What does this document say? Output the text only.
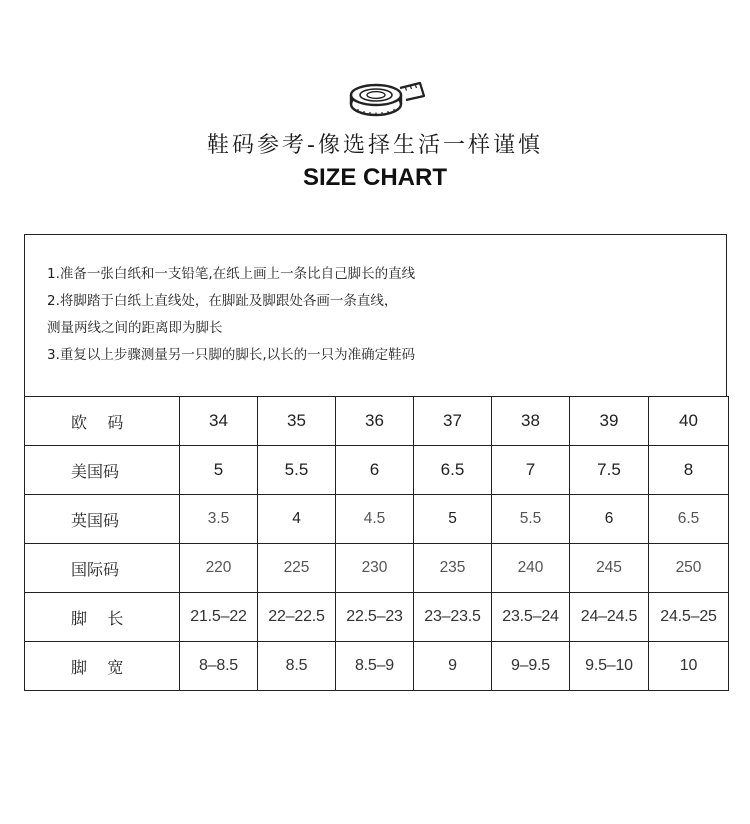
鞋码参考-像选择生活一样谨慎
SIZE CHART
1.准备一张白纸和一支铅笔,在纸上画上一条比自己脚长的直线
2.将脚踏于白纸上直线处，在脚趾及脚跟处各画一条直线，
测量两线之间的距离即为脚长
3.重复以上步骤测量另一只脚的脚长,以长的一只为准确定鞋码
欧    码	34	35	36	37	38	39	40
美国码	5	5.5	6	6.5	7	7.5	8
英国码	3.5	4	4.5	5	5.5	6	6.5
国际码	220	225	230	235	240	245	250
脚    长	21.5–22	22–22.5	22.5–23	23–23.5	23.5–24	24–24.5	24.5–25
脚    宽	8–8.5	8.5	8.5–9	9	9–9.5	9.5–10	10
